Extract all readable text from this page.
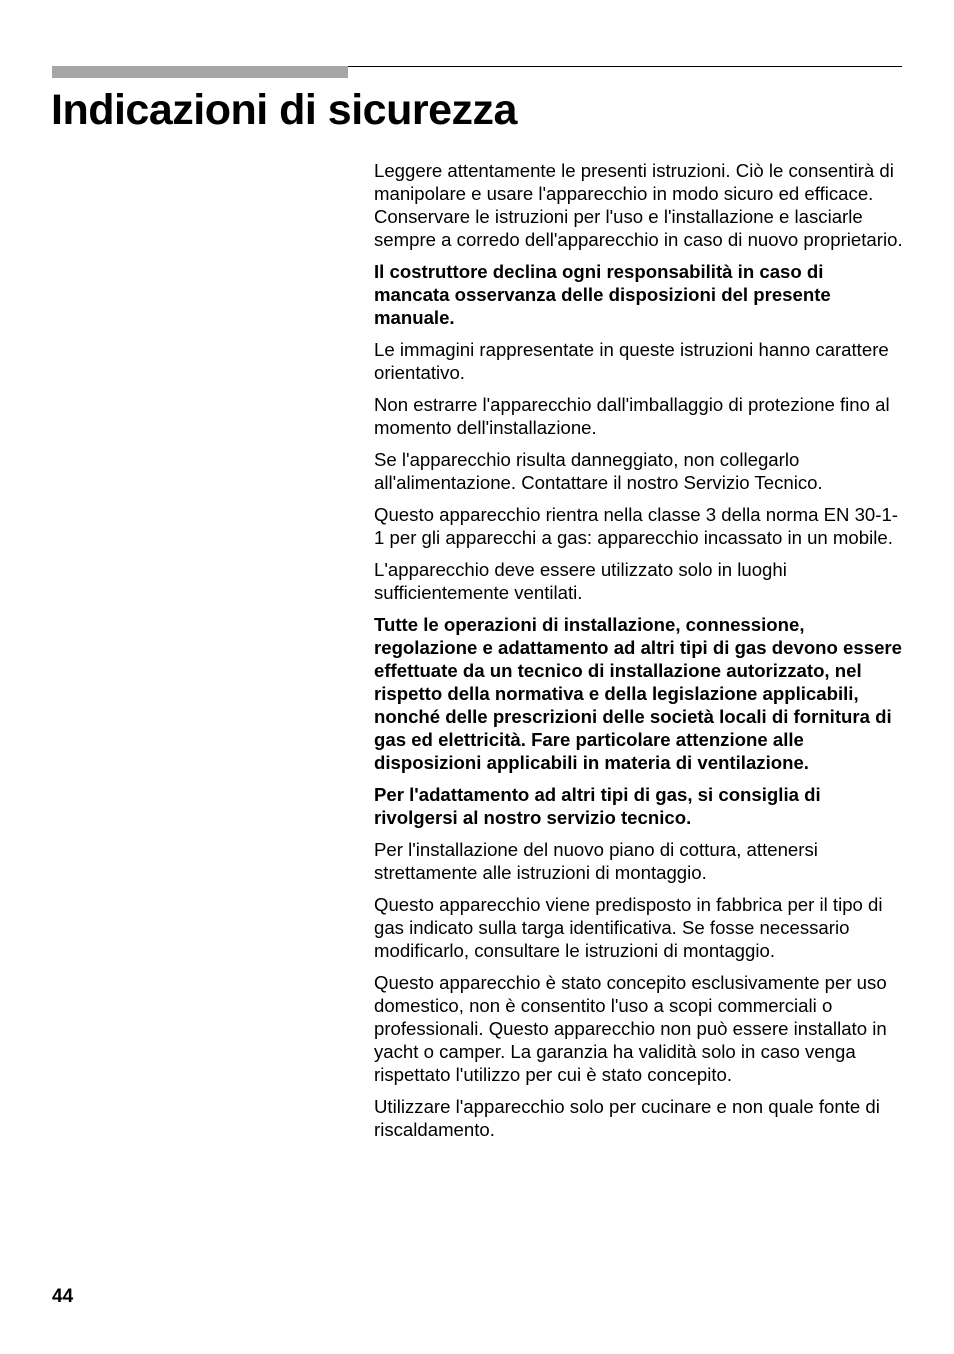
Indicazioni di sicurezza

Leggere attentamente le presenti istruzioni. Ciò le consentirà di manipolare e usare l'apparecchio in modo sicuro ed efficace. Conservare le istruzioni per l'uso e l'installazione e lasciarle sempre a corredo dell'apparecchio in caso di nuovo proprietario.

Il costruttore declina ogni responsabilità in caso di mancata osservanza delle disposizioni del presente manuale.

Le immagini rappresentate in queste istruzioni hanno carattere orientativo.

Non estrarre l'apparecchio dall'imballaggio di protezione fino al momento dell'installazione.

Se l'apparecchio risulta danneggiato, non collegarlo all'alimentazione. Contattare il nostro Servizio Tecnico.

Questo apparecchio rientra nella classe 3 della norma EN 30-1-1 per gli apparecchi a gas: apparecchio incassato in un mobile.

L'apparecchio deve essere utilizzato solo in luoghi sufficientemente ventilati.

Tutte le operazioni di installazione, connessione, regolazione e adattamento ad altri tipi di gas devono essere effettuate da un tecnico di installazione autorizzato, nel rispetto della normativa e della legislazione applicabili, nonché delle prescrizioni delle società locali di fornitura di gas ed elettricità. Fare particolare attenzione alle disposizioni applicabili in materia di ventilazione.

Per l'adattamento ad altri tipi di gas, si consiglia di rivolgersi al nostro servizio tecnico.

Per l'installazione del nuovo piano di cottura, attenersi strettamente alle istruzioni di montaggio.

Questo apparecchio viene predisposto in fabbrica per il tipo di gas indicato sulla targa identificativa. Se fosse necessario modificarlo, consultare le istruzioni di montaggio.

Questo apparecchio è stato concepito esclusivamente per uso domestico, non è consentito l'uso a scopi commerciali o professionali. Questo apparecchio non può essere installato in yacht o camper. La garanzia ha validità solo in caso venga rispettato l'utilizzo per cui è stato concepito.

Utilizzare l'apparecchio solo per cucinare e non quale fonte di riscaldamento.

44
